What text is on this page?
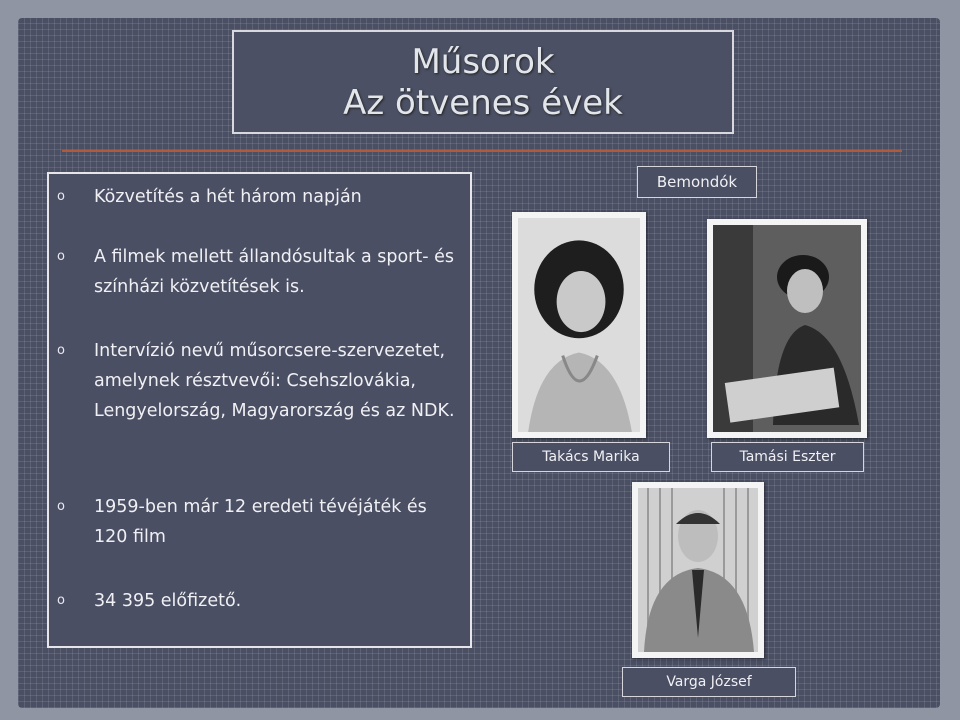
Műsorok
Az ötvenes évek
o Közvetítés a hét három napján
o A filmek mellett állandósultak a sport- és színházi közvetítések is.
o Intervízió nevű műsorcsere-szervezetet, amelynek résztvevői: Csehszlovákia, Lengyelország, Magyarország és az NDK.
o 1959-ben már 12 eredeti tévéjáték és 120 film
o 34 395 előfizető.
Bemondók
Takács Marika	Tamási Eszter
Varga József
